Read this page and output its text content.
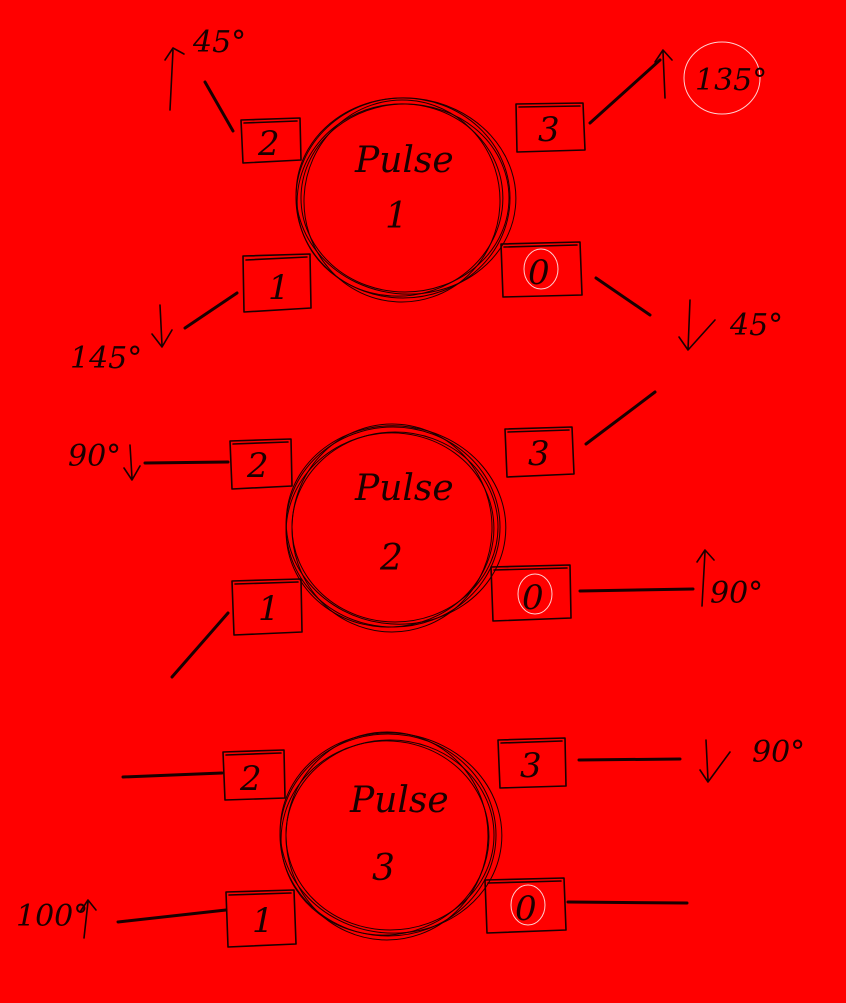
Pulse
1
2	3
1	0
45°
135°
145°
45°
Pulse
2
2	3
1	0
90°
90°
Pulse
3
2	3
1	0
90°
100°
